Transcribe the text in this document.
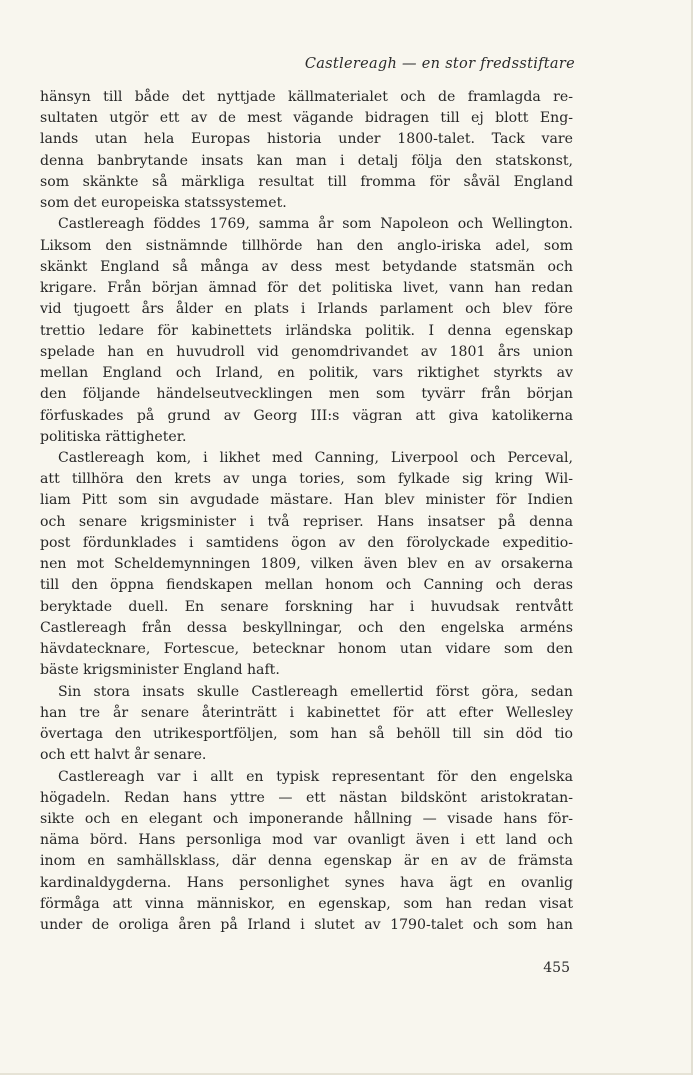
Castlereagh — en stor fredsstiftare
hänsyn till både det nyttjade källmaterialet och de framlagda re-
sultaten utgör ett av de mest vägande bidragen till ej blott Eng-
lands utan hela Europas historia under 1800-talet. Tack vare
denna banbrytande insats kan man i detalj följa den statskonst,
som skänkte så märkliga resultat till fromma för såväl England
som det europeiska statssystemet.
Castlereagh föddes 1769, samma år som Napoleon och Wellington.
Liksom den sistnämnde tillhörde han den anglo-iriska adel, som
skänkt England så många av dess mest betydande statsmän och
krigare. Från början ämnad för det politiska livet, vann han redan
vid tjugoett års ålder en plats i Irlands parlament och blev före
trettio ledare för kabinettets irländska politik. I denna egenskap
spelade han en huvudroll vid genomdrivandet av 1801 års union
mellan England och Irland, en politik, vars riktighet styrkts av
den följande händelseutvecklingen men som tyvärr från början
förfuskades på grund av Georg III:s vägran att giva katolikerna
politiska rättigheter.
Castlereagh kom, i likhet med Canning, Liverpool och Perceval,
att tillhöra den krets av unga tories, som fylkade sig kring Wil-
liam Pitt som sin avgudade mästare. Han blev minister för Indien
och senare krigsminister i två repriser. Hans insatser på denna
post fördunklades i samtidens ögon av den förolyckade expeditio-
nen mot Scheldemynningen 1809, vilken även blev en av orsakerna
till den öppna fiendskapen mellan honom och Canning och deras
beryktade duell. En senare forskning har i huvudsak rentvått
Castlereagh från dessa beskyllningar, och den engelska arméns
hävdatecknare, Fortescue, betecknar honom utan vidare som den
bäste krigsminister England haft.
Sin stora insats skulle Castlereagh emellertid först göra, sedan
han tre år senare återinträtt i kabinettet för att efter Wellesley
övertaga den utrikesportföljen, som han så behöll till sin död tio
och ett halvt år senare.
Castlereagh var i allt en typisk representant för den engelska
högadeln. Redan hans yttre — ett nästan bildskönt aristokratan-
sikte och en elegant och imponerande hållning — visade hans för-
näma börd. Hans personliga mod var ovanligt även i ett land och
inom en samhällsklass, där denna egenskap är en av de främsta
kardinaldygderna. Hans personlighet synes hava ägt en ovanlig
förmåga att vinna människor, en egenskap, som han redan visat
under de oroliga åren på Irland i slutet av 1790-talet och som han
455
